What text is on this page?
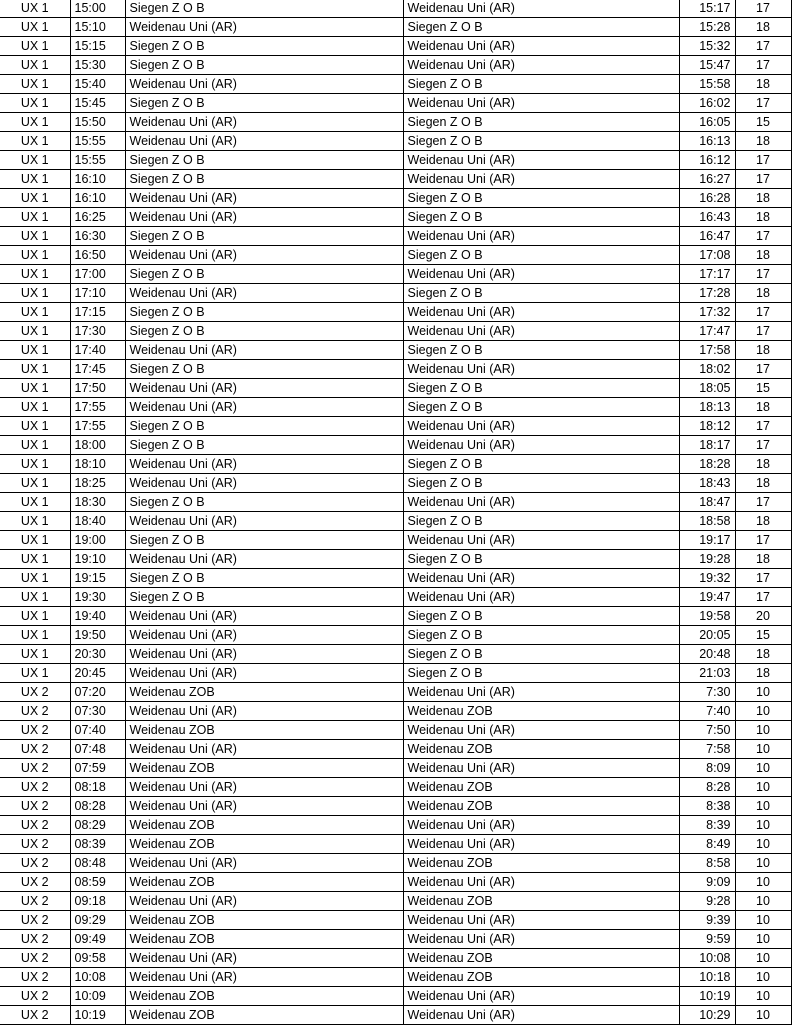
UX 1	15:00	Siegen Z O B	Weidenau Uni (AR)	15:17	17
UX 1	15:10	Weidenau Uni (AR)	Siegen Z O B	15:28	18
UX 1	15:15	Siegen Z O B	Weidenau Uni (AR)	15:32	17
UX 1	15:30	Siegen Z O B	Weidenau Uni (AR)	15:47	17
UX 1	15:40	Weidenau Uni (AR)	Siegen Z O B	15:58	18
UX 1	15:45	Siegen Z O B	Weidenau Uni (AR)	16:02	17
UX 1	15:50	Weidenau Uni (AR)	Siegen Z O B	16:05	15
UX 1	15:55	Weidenau Uni (AR)	Siegen Z O B	16:13	18
UX 1	15:55	Siegen Z O B	Weidenau Uni (AR)	16:12	17
UX 1	16:10	Siegen Z O B	Weidenau Uni (AR)	16:27	17
UX 1	16:10	Weidenau Uni (AR)	Siegen Z O B	16:28	18
UX 1	16:25	Weidenau Uni (AR)	Siegen Z O B	16:43	18
UX 1	16:30	Siegen Z O B	Weidenau Uni (AR)	16:47	17
UX 1	16:50	Weidenau Uni (AR)	Siegen Z O B	17:08	18
UX 1	17:00	Siegen Z O B	Weidenau Uni (AR)	17:17	17
UX 1	17:10	Weidenau Uni (AR)	Siegen Z O B	17:28	18
UX 1	17:15	Siegen Z O B	Weidenau Uni (AR)	17:32	17
UX 1	17:30	Siegen Z O B	Weidenau Uni (AR)	17:47	17
UX 1	17:40	Weidenau Uni (AR)	Siegen Z O B	17:58	18
UX 1	17:45	Siegen Z O B	Weidenau Uni (AR)	18:02	17
UX 1	17:50	Weidenau Uni (AR)	Siegen Z O B	18:05	15
UX 1	17:55	Weidenau Uni (AR)	Siegen Z O B	18:13	18
UX 1	17:55	Siegen Z O B	Weidenau Uni (AR)	18:12	17
UX 1	18:00	Siegen Z O B	Weidenau Uni (AR)	18:17	17
UX 1	18:10	Weidenau Uni (AR)	Siegen Z O B	18:28	18
UX 1	18:25	Weidenau Uni (AR)	Siegen Z O B	18:43	18
UX 1	18:30	Siegen Z O B	Weidenau Uni (AR)	18:47	17
UX 1	18:40	Weidenau Uni (AR)	Siegen Z O B	18:58	18
UX 1	19:00	Siegen Z O B	Weidenau Uni (AR)	19:17	17
UX 1	19:10	Weidenau Uni (AR)	Siegen Z O B	19:28	18
UX 1	19:15	Siegen Z O B	Weidenau Uni (AR)	19:32	17
UX 1	19:30	Siegen Z O B	Weidenau Uni (AR)	19:47	17
UX 1	19:40	Weidenau Uni (AR)	Siegen Z O B	19:58	20
UX 1	19:50	Weidenau Uni (AR)	Siegen Z O B	20:05	15
UX 1	20:30	Weidenau Uni (AR)	Siegen Z O B	20:48	18
UX 1	20:45	Weidenau Uni (AR)	Siegen Z O B	21:03	18
UX 2	07:20	Weidenau ZOB	Weidenau Uni (AR)	7:30	10
UX 2	07:30	Weidenau Uni (AR)	Weidenau ZOB	7:40	10
UX 2	07:40	Weidenau ZOB	Weidenau Uni (AR)	7:50	10
UX 2	07:48	Weidenau Uni (AR)	Weidenau ZOB	7:58	10
UX 2	07:59	Weidenau ZOB	Weidenau Uni (AR)	8:09	10
UX 2	08:18	Weidenau Uni (AR)	Weidenau ZOB	8:28	10
UX 2	08:28	Weidenau Uni (AR)	Weidenau ZOB	8:38	10
UX 2	08:29	Weidenau ZOB	Weidenau Uni (AR)	8:39	10
UX 2	08:39	Weidenau ZOB	Weidenau Uni (AR)	8:49	10
UX 2	08:48	Weidenau Uni (AR)	Weidenau ZOB	8:58	10
UX 2	08:59	Weidenau ZOB	Weidenau Uni (AR)	9:09	10
UX 2	09:18	Weidenau Uni (AR)	Weidenau ZOB	9:28	10
UX 2	09:29	Weidenau ZOB	Weidenau Uni (AR)	9:39	10
UX 2	09:49	Weidenau ZOB	Weidenau Uni (AR)	9:59	10
UX 2	09:58	Weidenau Uni (AR)	Weidenau ZOB	10:08	10
UX 2	10:08	Weidenau Uni (AR)	Weidenau ZOB	10:18	10
UX 2	10:09	Weidenau ZOB	Weidenau Uni (AR)	10:19	10
UX 2	10:19	Weidenau ZOB	Weidenau Uni (AR)	10:29	10
